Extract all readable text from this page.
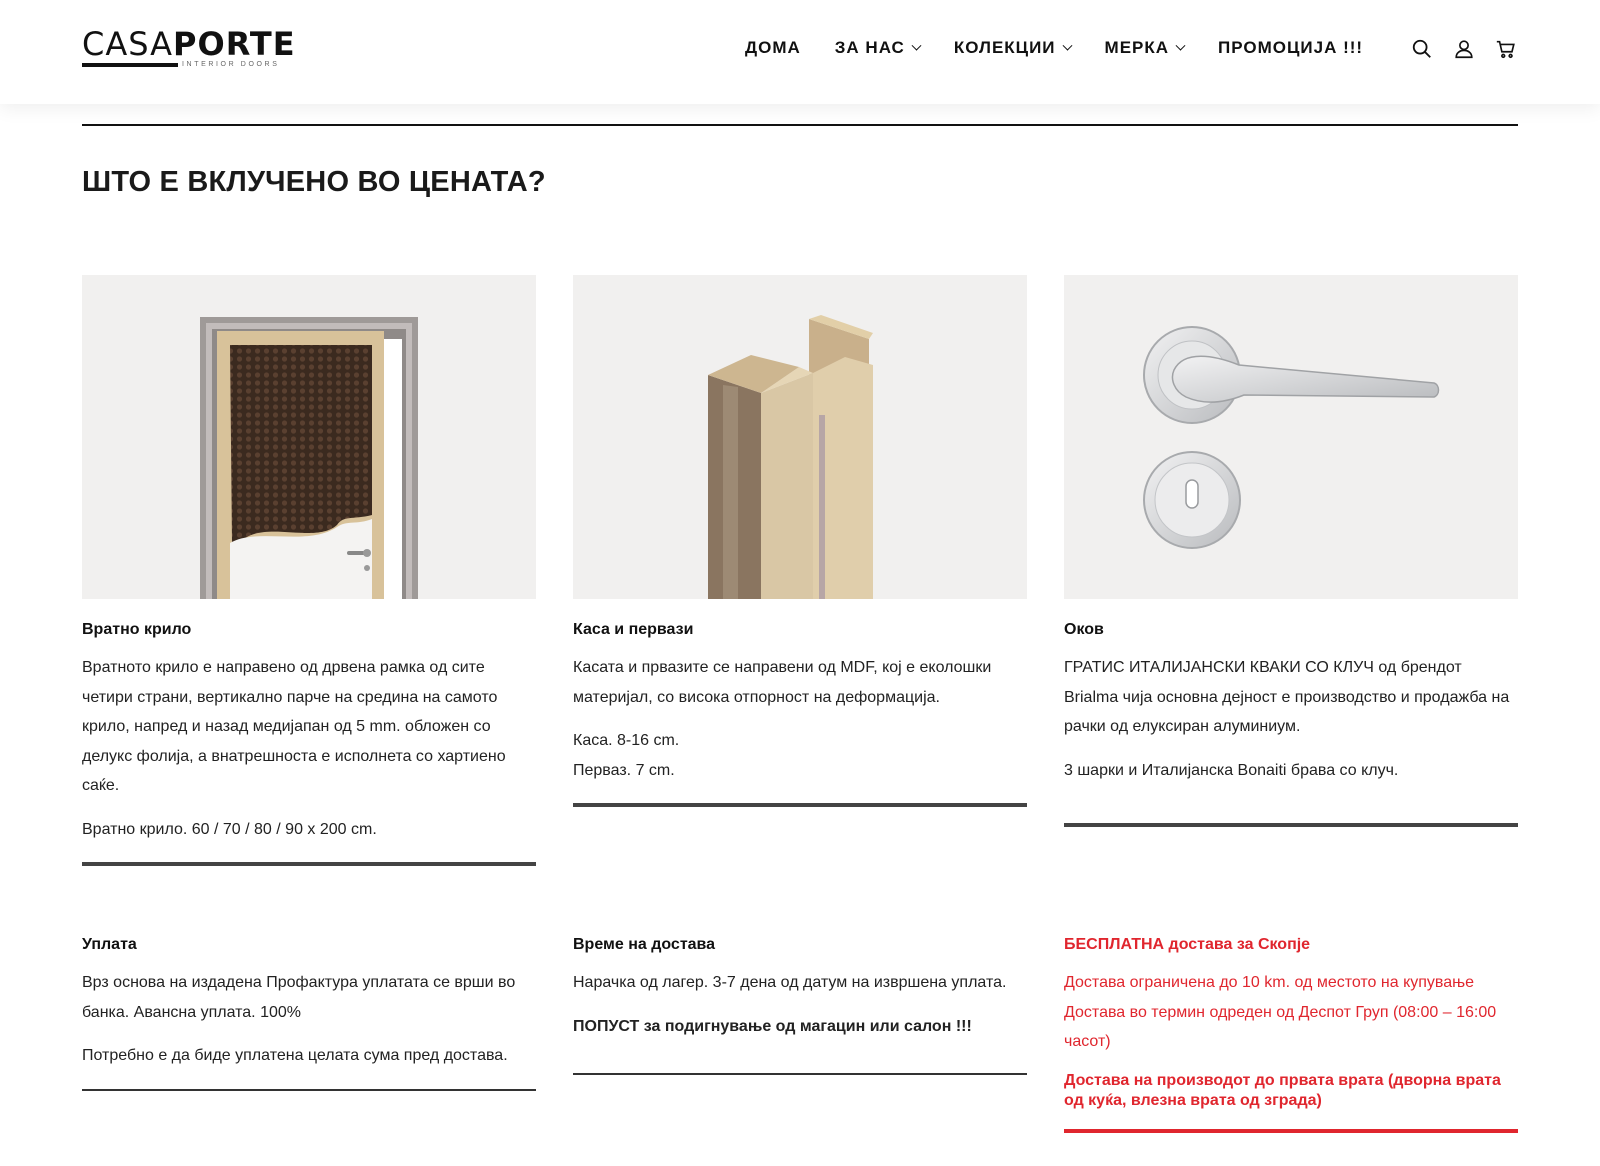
CASAPORTE
INTERIOR DOORS
ДОМА ЗА НАС	КОЛЕКЦИИ	МЕРКА	ПРОМОЦИЈА !!!
ШТО Е ВКЛУЧЕНО ВО ЦЕНАТА?
Вратно крило

Вратното крило е направено од дрвена рамка од сите четири страни, вертикално парче на средина на самото крило, напред и назад медијапан од 5 mm. обложен со делукс фолија, а внатрешноста е исполнета со хартиено саќе.

Вратно крило. 60 / 70 / 80 / 90 x 200 cm.

Каса и первази

Касата и првазите се направени од MDF, кој е еколошки материјал, со висока отпорност на деформација.

Каса. 8-16 cm.

Перваз. 7 cm.

Оков

ГРАТИС ИТАЛИЈАНСКИ КВАКИ СО КЛУЧ од брендот Brialma чија основна дејност е производство и продажба на рачки од елуксиран алуминиум.

3 шарки и Италијанска Bonaiti брава со клуч.

Уплата

Врз основа на издадена Профактура уплатата се врши во банка. Авансна уплата. 100%

Потребно е да биде уплатена целата сума пред достава.

Време на достава

Нарачка од лагер. 3-7 дена од датум на извршена уплата.

ПОПУСТ за подигнување од магацин или салон !!!

БЕСПЛАТНА достава за Скопје

Достава ограничена до 10 km. од местото на купување

Достава во термин одреден од Деспот Груп (08:00 – 16:00 часот)

Достава на производот до првата врата (дворна врата од куќа, влезна врата од зграда)
